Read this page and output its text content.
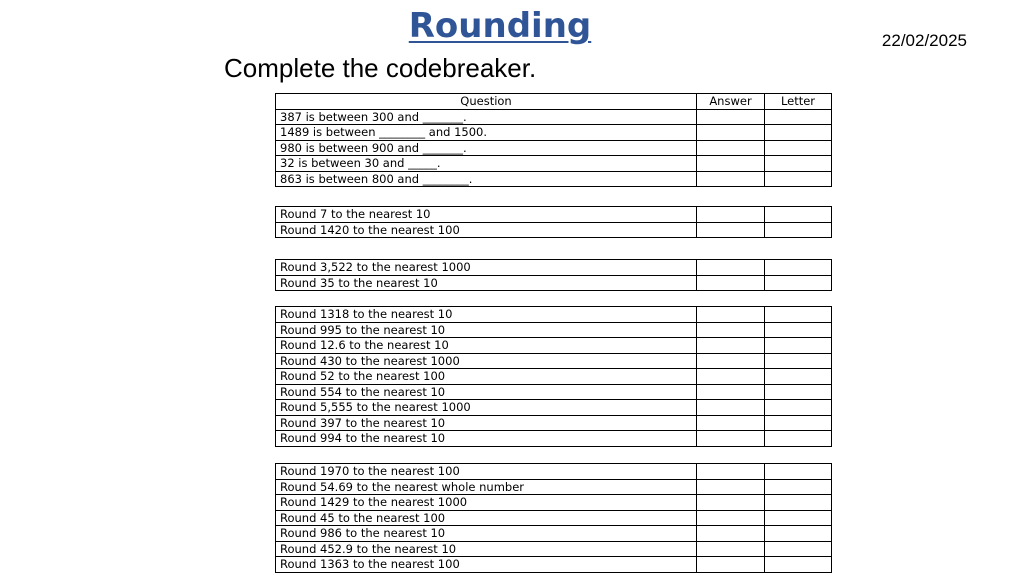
Rounding	22/02/2025
Complete the codebreaker.
Question	Answer	Letter
387 is between 300 and _______.		
1489 is between ________ and 1500.		
980 is between 900 and _______.		
32 is between 30 and _____.		
863 is between 800 and ________.		
Round 7 to the nearest 10		
Round 1420 to the nearest 100		
Round 3,522 to the nearest 1000		
Round 35 to the nearest 10		
Round 1318 to the nearest 10		
Round 995 to the nearest 10		
Round 12.6 to the nearest 10		
Round 430 to the nearest 1000		
Round 52 to the nearest 100		
Round 554 to the nearest 10		
Round 5,555 to the nearest 1000		
Round 397 to the nearest 10		
Round 994 to the nearest 10		
Round 1970 to the nearest 100		
Round 54.69 to the nearest whole number		
Round 1429 to the nearest 1000		
Round 45 to the nearest 100		
Round 986 to the nearest 10		
Round 452.9 to the nearest 10		
Round 1363 to the nearest 100		
